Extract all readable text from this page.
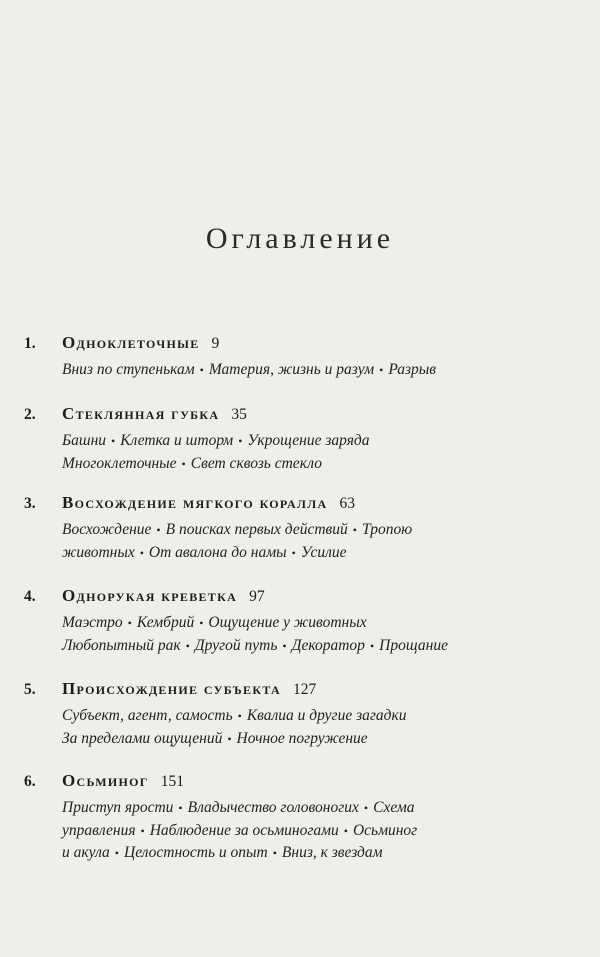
Оглавление
1. Одноклеточные 9
Вниз по ступенькам • Материя, жизнь и разум • Разрыв
2. Стеклянная губка 35
Башни • Клетка и шторм • Укрощение заряда
Многоклеточные • Свет сквозь стекло
3. Восхождение мягкого коралла 63
Восхождение • В поисках первых действий • Тропою
животных • От авалона до намы • Усилие
4. Однорукая креветка 97
Маэстро • Кембрий • Ощущение у животных
Любопытный рак • Другой путь • Декоратор • Прощание
5. Происхождение субъекта 127
Субъект, агент, самость • Квалиа и другие загадки
За пределами ощущений • Ночное погружение
6. Осьминог 151
Приступ ярости • Владычество головоногих • Схема
управления • Наблюдение за осьминогами • Осьминог
и акула • Целостность и опыт • Вниз, к звездам
